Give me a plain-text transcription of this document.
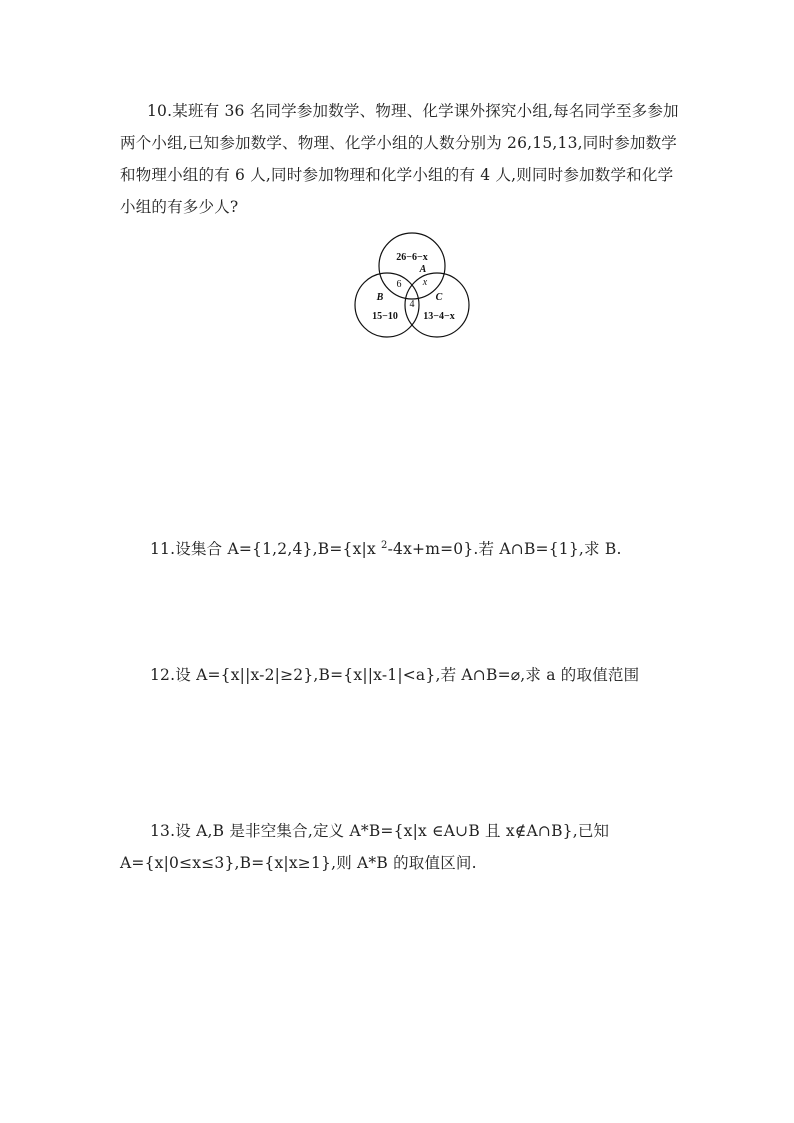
10.某班有 36 名同学参加数学、物理、化学课外探究小组,每名同学至多参加
两个小组,已知参加数学、物理、化学小组的人数分别为 26,15,13,同时参加数学
和物理小组的有 6 人,同时参加物理和化学小组的有 4 人,则同时参加数学和化学
小组的有多少人?
26−6−x
A
6 x
B
4
C
15−10	13−4−x
11.设集合 A={1,2,4},B={x|x $^2$-4x+m=0}.若 A∩B={1},求 B.
12.设 A={x||x-2|≥2},B={x||x-1|<a},若 A∩B=⌀,求 a 的取值范围
13.设 A,B 是非空集合,定义 A*B={x|x ∈A∪B 且 x∉A∩B},已知
A={x|0≤x≤3},B={x|x≥1},则 A*B 的取值区间.
